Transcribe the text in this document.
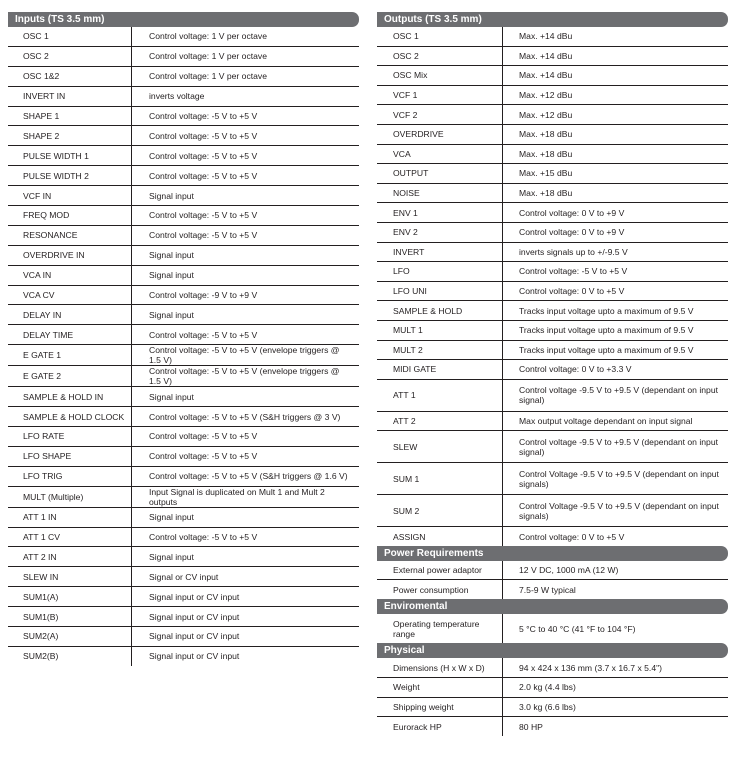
Inputs (TS 3.5 mm)
OSC 1	Control voltage: 1 V per octave
OSC 2	Control voltage: 1 V per octave
OSC 1&2	Control voltage: 1 V per octave
INVERT IN	inverts voltage
SHAPE 1	Control voltage: -5 V to +5 V
SHAPE 2	Control voltage: -5 V to +5 V
PULSE WIDTH 1	Control voltage: -5 V to +5 V
PULSE WIDTH 2	Control voltage: -5 V to +5 V
VCF IN	Signal input
FREQ MOD	Control voltage: -5 V to +5 V
RESONANCE	Control voltage: -5 V to +5 V
OVERDRIVE IN	Signal input
VCA IN	Signal input
VCA CV	Control voltage: -9 V to +9 V
DELAY IN	Signal input
DELAY TIME	Control voltage: -5 V to +5 V
E GATE 1	Control voltage: -5 V to +5 V (envelope triggers @ 1.5 V)
E GATE 2	Control voltage: -5 V to +5 V (envelope triggers @ 1.5 V)
SAMPLE & HOLD IN	Signal input
SAMPLE & HOLD CLOCK	Control voltage: -5 V to +5 V (S&H triggers @ 3 V)
LFO RATE	Control voltage: -5 V to +5 V
LFO SHAPE	Control voltage: -5 V to +5 V
LFO TRIG	Control voltage: -5 V to +5 V (S&H triggers @ 1.6 V)
MULT (Multiple)	Input Signal is duplicated on Mult 1 and Mult 2 outputs
ATT 1 IN	Signal input
ATT 1 CV	Control voltage: -5 V to +5 V
ATT 2 IN	Signal input
SLEW IN	Signal or CV input
SUM1(A)	Signal input or CV input
SUM1(B)	Signal input or CV input
SUM2(A)	Signal input or CV input
SUM2(B)	Signal input or CV input
Outputs (TS 3.5 mm)
OSC 1	Max. +14 dBu
OSC 2	Max. +14 dBu
OSC Mix	Max. +14 dBu
VCF 1	Max. +12 dBu
VCF 2	Max. +12 dBu
OVERDRIVE	Max. +18 dBu
VCA	Max. +18 dBu
OUTPUT	Max. +15 dBu
NOISE	Max. +18 dBu
ENV 1	Control voltage: 0 V to +9 V
ENV 2	Control voltage: 0 V to +9 V
INVERT	inverts signals up to +/-9.5 V
LFO	Control voltage: -5 V to +5 V
LFO UNI	Control voltage: 0 V to +5 V
SAMPLE & HOLD	Tracks input voltage upto a maximum of 9.5 V
MULT 1	Tracks input voltage upto a maximum of 9.5 V
MULT 2	Tracks input voltage upto a maximum of 9.5 V
MIDI GATE	Control voltage: 0 V to +3.3 V
ATT 1	Control voltage -9.5 V to +9.5 V (dependant on input signal)
ATT 2	Max output voltage dependant on input signal
SLEW	Control voltage -9.5 V to +9.5 V (dependant on input signal)
SUM 1	Control Voltage -9.5 V to +9.5 V (dependant on input signals)
SUM 2	Control Voltage -9.5 V to +9.5 V (dependant on input signals)
ASSIGN	Control voltage: 0 V to +5 V
Power Requirements
External power adaptor	12 V DC, 1000 mA (12 W)
Power consumption	7.5-9 W typical
Enviromental
Operating temperature range	5 °C to 40 °C (41 °F to 104 °F)
Physical
Dimensions (H x W x D)	94 x 424 x 136 mm (3.7 x 16.7 x 5.4")
Weight	2.0 kg (4.4 lbs)
Shipping weight	3.0 kg (6.6 lbs)
Eurorack HP	80 HP
